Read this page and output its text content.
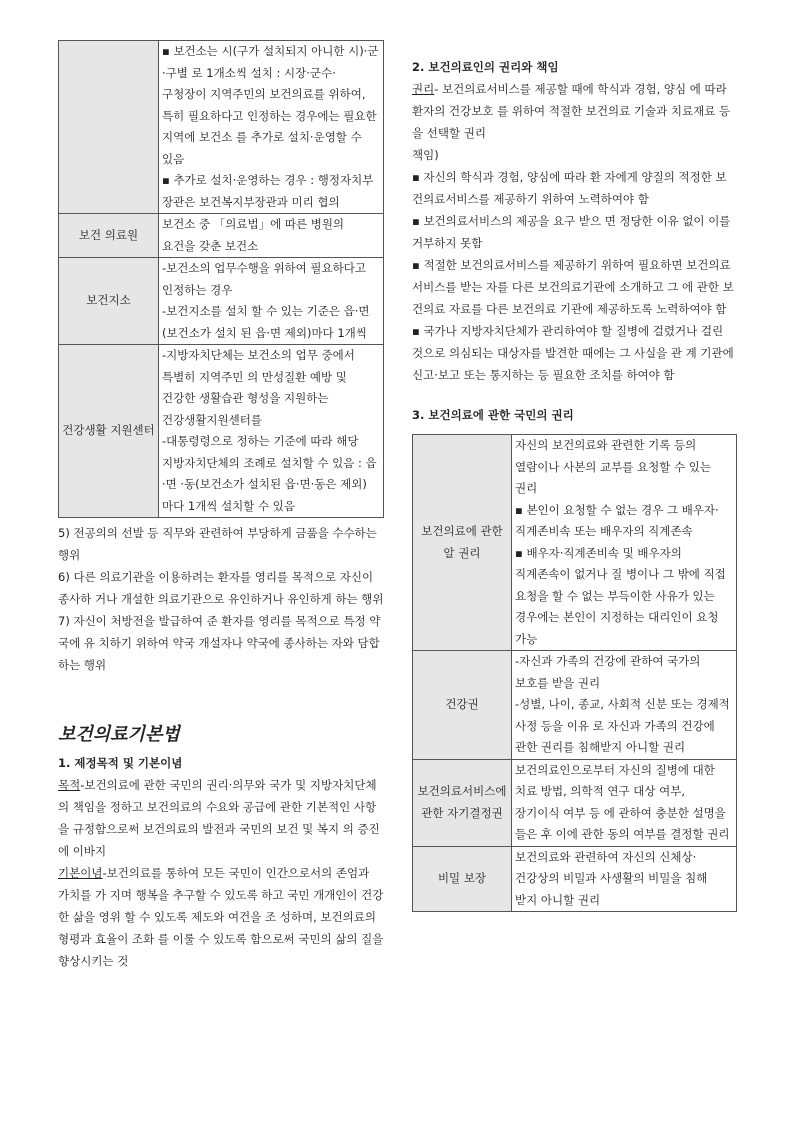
	▪ 보건소는 시(구가 설치되지 아니한 시)·군·구별 로 1개소씩 설치 : 시장·군수· 구청장이 지역주민의 보건의료를 위하여, 특히 필요하다고 인정하는 경우에는 필요한 지역에 보건소 를 추가로 설치·운영할 수 있음
▪ 추가로 설치·운영하는 경우 : 행정자치부 장관은 보건복지부장관과 미리 협의

보건 의료원	보건소 중 「의료법」에 따른 병원의 요건을 갖춘 보건소

보건지소	-보건소의 업무수행을 위하여 필요하다고 인정하는 경우
-보건지소를 설치 할 수 있는 기준은 읍·면(보건소가 설치 된 읍·면 제외)마다 1개씩

건강생활 지원센터	-지방자치단체는 보건소의 업무 중에서 특별히 지역주민 의 만성질환 예방 및 건강한 생활습관 형성을 지원하는 건강생활지원센터를
-대통령령으로 정하는 기준에 따라 해당 지방자치단체의 조례로 설치할 수 있음 : 읍·면 ·동(보건소가 설치된 읍·면·동은 제외)마다 1개씩 설치할 수 있음

5) 전공의의 선발 등 직무와 관련하여 부당하게 금품을 수수하는 행위

6) 다른 의료기관을 이용하려는 환자를 영리를 목적으로 자신이 종사하 거나 개설한 의료기관으로 유인하거나 유인하게 하는 행위

7) 자신이 처방전을 발급하여 준 환자를 영리를 목적으로 특정 약국에 유 치하기 위하여 약국 개설자나 약국에 종사하는 자와 담합하는 행위

보건의료기본법

1. 제정목적 및 기본이념

목적-보건의료에 관한 국민의 권리·의무와 국가 및 지방자치단체 의 책임을 정하고 보건의료의 수요와 공급에 관한 기본적인 사항을 규정함으로써 보건의료의 발전과 국민의 보건 및 복지 의 증진에 이바지

기본이념-보건의료를 통하여 모든 국민이 인간으로서의 존엄과 가치를 가 지며 행복을 추구할 수 있도록 하고 국민 개개인이 건강한 삶을 영위 할 수 있도록 제도와 여건을 조 성하며, 보건의료의 형평과 효율이 조화 를 이룰 수 있도록 함으로써 국민의 삶의 질을 향상시키는 것

2. 보건의료인의 권리와 책임

권리- 보건의료서비스를 제공할 때에 학식과 경험, 양심 에 따라 환자의 건강보호 를 위하여 적절한 보건의료 기술과 치료재료 등을 선택할 권리

책임)

▪ 자신의 학식과 경험, 양심에 따라 환 자에게 양질의 적정한 보건의료서비스를 제공하기 위하여 노력하여야 함

▪ 보건의료서비스의 제공을 요구 받으 면 정당한 이유 없이 이를 거부하지 못함

▪ 적절한 보건의료서비스를 제공하기 위하여 필요하면 보건의료서비스를 받는 자를 다른 보건의료기관에 소개하고 그 에 관한 보건의료 자료를 다른 보건의료 기관에 제공하도록 노력하여야 함

▪ 국가나 지방자치단체가 관리하여야 할 질병에 걸렸거나 걸린 것으로 의심되는 대상자를 발견한 때에는 그 사실을 관 계 기관에 신고·보고 또는 통지하는 등 필요한 조치를 하여야 함

3. 보건의료에 관한 국민의 권리

보건의료에 관한 알 권리	자신의 보건의료와 관련한 기록 등의 열람이나 사본의 교부를 요청할 수 있는 권리
▪ 본인이 요청할 수 없는 경우 그 배우자·직계존비속 또는 배우자의 직계존속
▪ 배우자·직계존비속 및 배우자의 직계존속이 없거나 질 병이나 그 밖에 직접 요청을 할 수 없는 부득이한 사유가 있는 경우에는 본인이 지정하는 대리인이 요청 가능

건강권	-자신과 가족의 건강에 관하여 국가의 보호를 받을 권리
-성별, 나이, 종교, 사회적 신분 또는 경제적 사정 등을 이유 로 자신과 가족의 건강에 관한 권리를 침해받지 아니할 권리

보건의료서비스에 관한 자기결정권	보건의료인으로부터 자신의 질병에 대한 치료 방법, 의학적 연구 대상 여부, 장기이식 여부 등 에 관하여 충분한 설명을 들은 후 이에 관한 동의 여부를 결정할 권리

비밀 보장	보건의료와 관련하여 자신의 신체상·건강상의 비밀과 사생활의 비밀을 침해 받지 아니할 권리
